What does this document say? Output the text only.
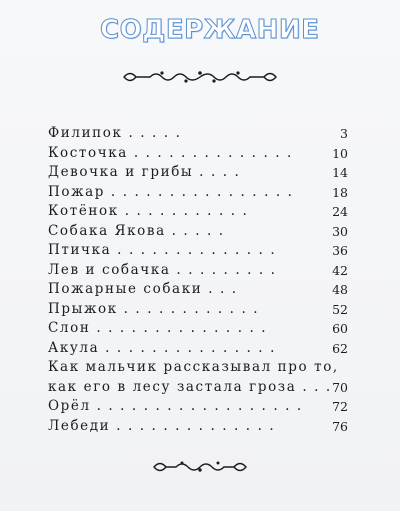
СОДЕРЖАНИЕ
Филипок . . . . .	3
Косточка . . . . . . . . . . . . . .	10
Девочка и грибы . . . .	14
Пожар . . . . . . . . . . . . . . . .	18
Котёнок . . . . . . . . . . .	24
Собака Якова . . . . .	30
Птичка . . . . . . . . . . . . . .	36
Лев и собачка . . . . . . . . .	42
Пожарные собаки . . .	48
Прыжок . . . . . . . . . . . .	52
Слон . . . . . . . . . . . . . . .	60
Акула . . . . . . . . . . . . . . .	62
Как мальчик рассказывал про то,
как его в лесу застала гроза . . . 70
Орёл . . . . . . . . . . . . . . . . . .	72
Лебеди . . . . . . . . . . . . . .	76
